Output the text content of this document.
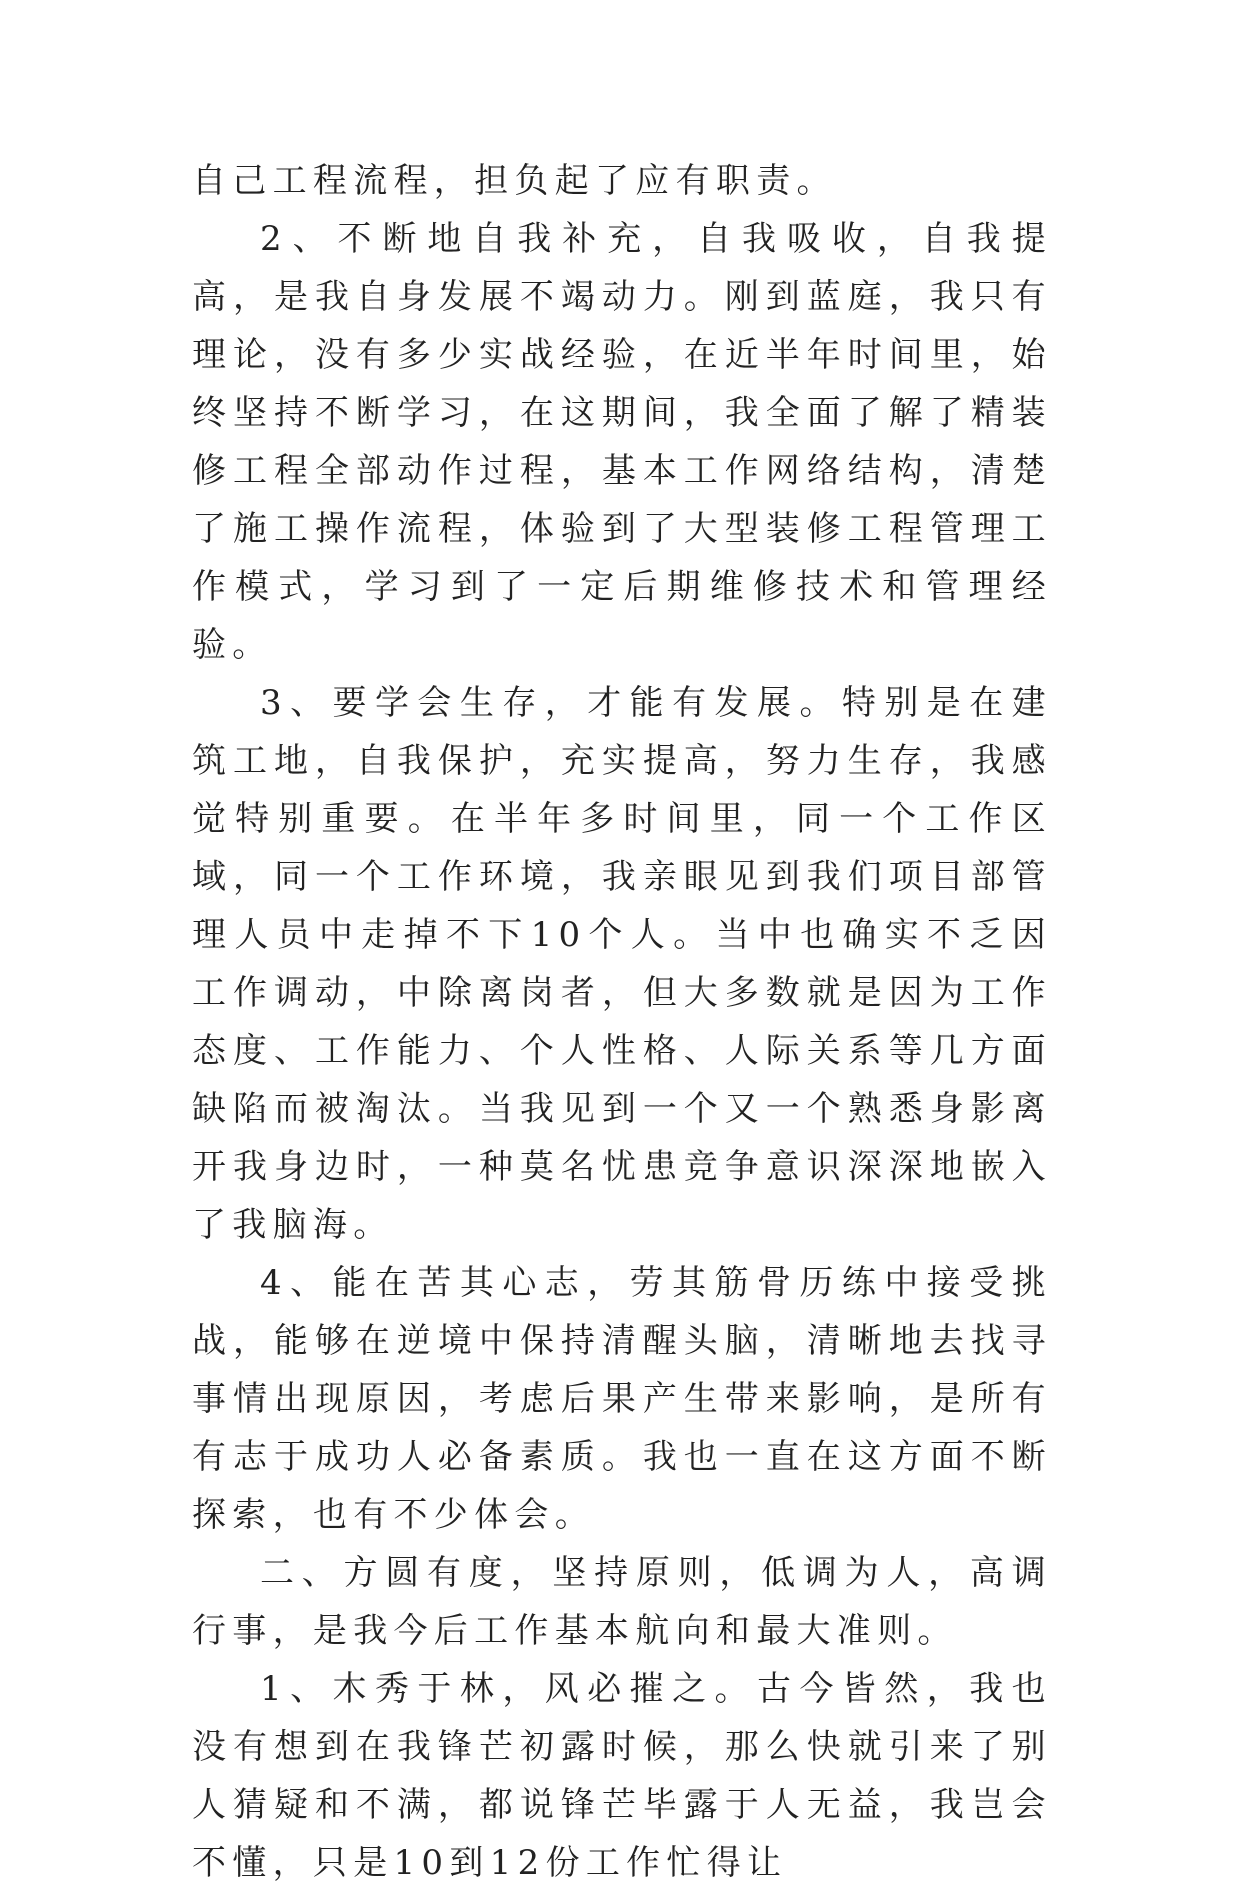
自己工程流程，担负起了应有职责。

2、不断地自我补充，自我吸收，自我提高，是我自身发展不竭动力。刚到蓝庭，我只有理论，没有多少实战经验，在近半年时间里，始终坚持不断学习，在这期间，我全面了解了精装修工程全部动作过程，基本工作网络结构，清楚了施工操作流程，体验到了大型装修工程管理工作模式，学习到了一定后期维修技术和管理经验。

3、要学会生存，才能有发展。特别是在建筑工地，自我保护，充实提高，努力生存，我感觉特别重要。在半年多时间里，同一个工作区域，同一个工作环境，我亲眼见到我们项目部管理人员中走掉不下10个人。当中也确实不乏因工作调动，中除离岗者，但大多数就是因为工作态度、工作能力、个人性格、人际关系等几方面缺陷而被淘汰。当我见到一个又一个熟悉身影离开我身边时，一种莫名忧患竞争意识深深地嵌入了我脑海。

4、能在苦其心志，劳其筋骨历练中接受挑战，能够在逆境中保持清醒头脑，清晰地去找寻事情出现原因，考虑后果产生带来影响，是所有有志于成功人必备素质。我也一直在这方面不断探索，也有不少体会。

二、方圆有度，坚持原则，低调为人，高调行事，是我今后工作基本航向和最大准则。

1、木秀于林，风必摧之。古今皆然，我也没有想到在我锋芒初露时候，那么快就引来了别人猜疑和不满，都说锋芒毕露于人无益，我岂会不懂，只是10到12份工作忙得让
